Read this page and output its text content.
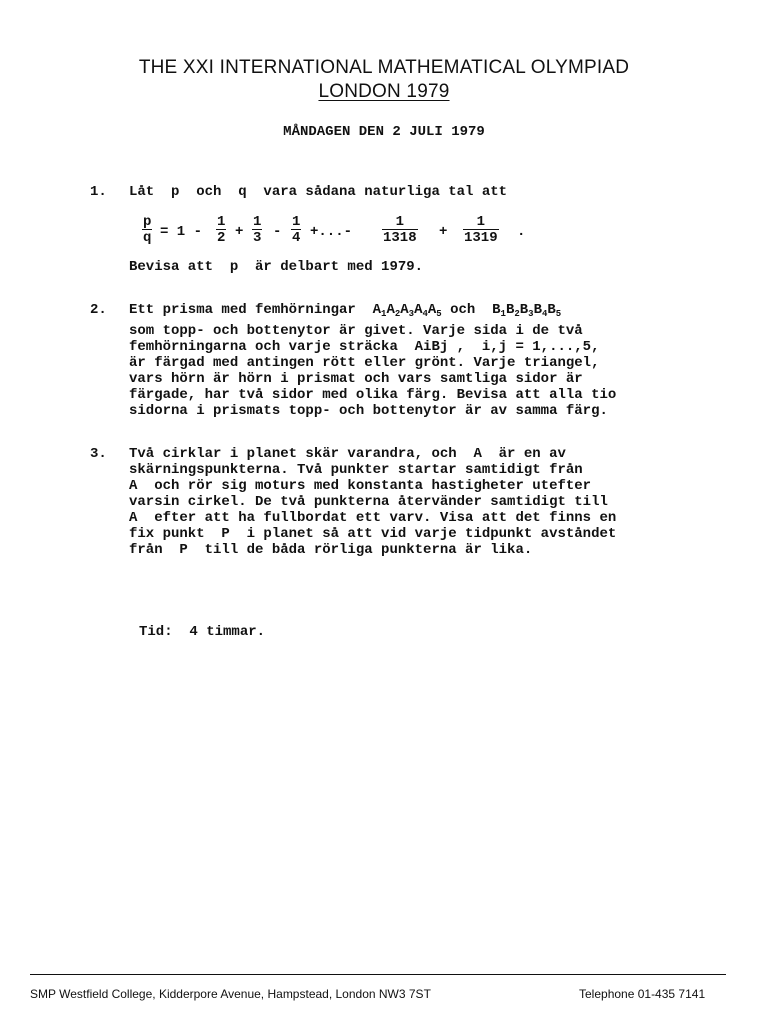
THE XXI INTERNATIONAL MATHEMATICAL OLYMPIAD
LONDON 1979
MÅNDAGEN DEN 2 JULI 1979
1. Låt  p  och  q  vara sådana naturliga tal att
$\frac{p}{q} = 1 - \frac{1}{2} + \frac{1}{3} - \frac{1}{4}$ +...- $\frac{1}{1318} + \frac{1}{1319}$ .
Bevisa att  p  är delbart med 1979.
2. Ett prisma med femhörningar  $A_1A_2A_3A_4A_5$ och  $B_1B_2B_3B_4B_5$
som topp- och bottenytor är givet. Varje sida i de två
femhörningarna och varje sträcka  AiBj ,  i,j = 1,...,5,
är färgad med antingen rött eller grönt. Varje triangel,
vars hörn är hörn i prismat och vars samtliga sidor är
färgade, har två sidor med olika färg. Bevisa att alla tio
sidorna i prismats topp- och bottenytor är av samma färg.
3. Två cirklar i planet skär varandra, och  A  är en av
skärningspunkterna. Två punkter startar samtidigt från
A  och rör sig moturs med konstanta hastigheter utefter
varsin cirkel. De två punkterna återvänder samtidigt till
A  efter att ha fullbordat ett varv. Visa att det finns en
fix punkt  P  i planet så att vid varje tidpunkt avståndet
från  P  till de båda rörliga punkterna är lika.
Tid:  4 timmar.
SMP Westfield College, Kidderpore Avenue, Hampstead, London NW3 7ST	Telephone 01-435 7141
